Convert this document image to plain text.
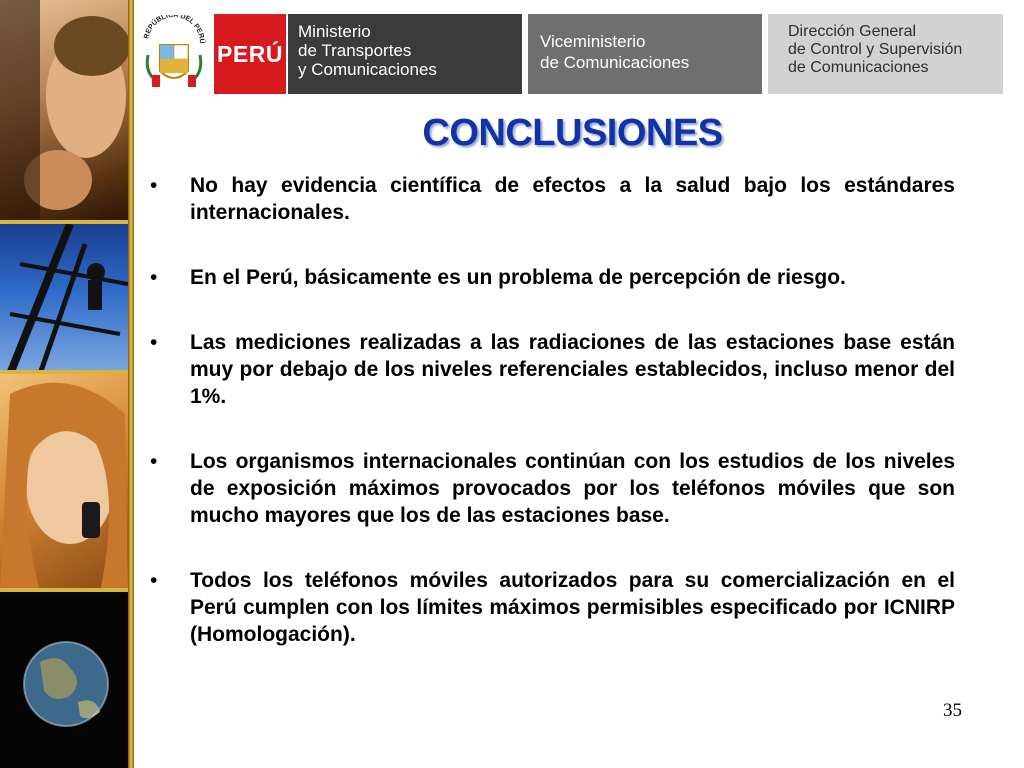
REPÚBLICA DEL PERÚ PERÚ
Ministerio
de Transportes
y Comunicaciones
Viceministerio
de Comunicaciones
Dirección General
de Control y Supervisión
de Comunicaciones
CONCLUSIONES
• No hay evidencia científica de efectos a la salud bajo los estándares internacionales.
• En el Perú, básicamente es un problema de percepción de riesgo.
• Las mediciones realizadas a las radiaciones de las estaciones base están muy por debajo de los niveles referenciales establecidos, incluso menor del 1%.
• Los organismos internacionales continúan con los estudios de los niveles de exposición máximos provocados por los teléfonos móviles que son mucho mayores que los de las estaciones base.
• Todos los teléfonos móviles autorizados para su comercialización en el Perú cumplen con los límites máximos permisibles especificado por ICNIRP (Homologación).
35
